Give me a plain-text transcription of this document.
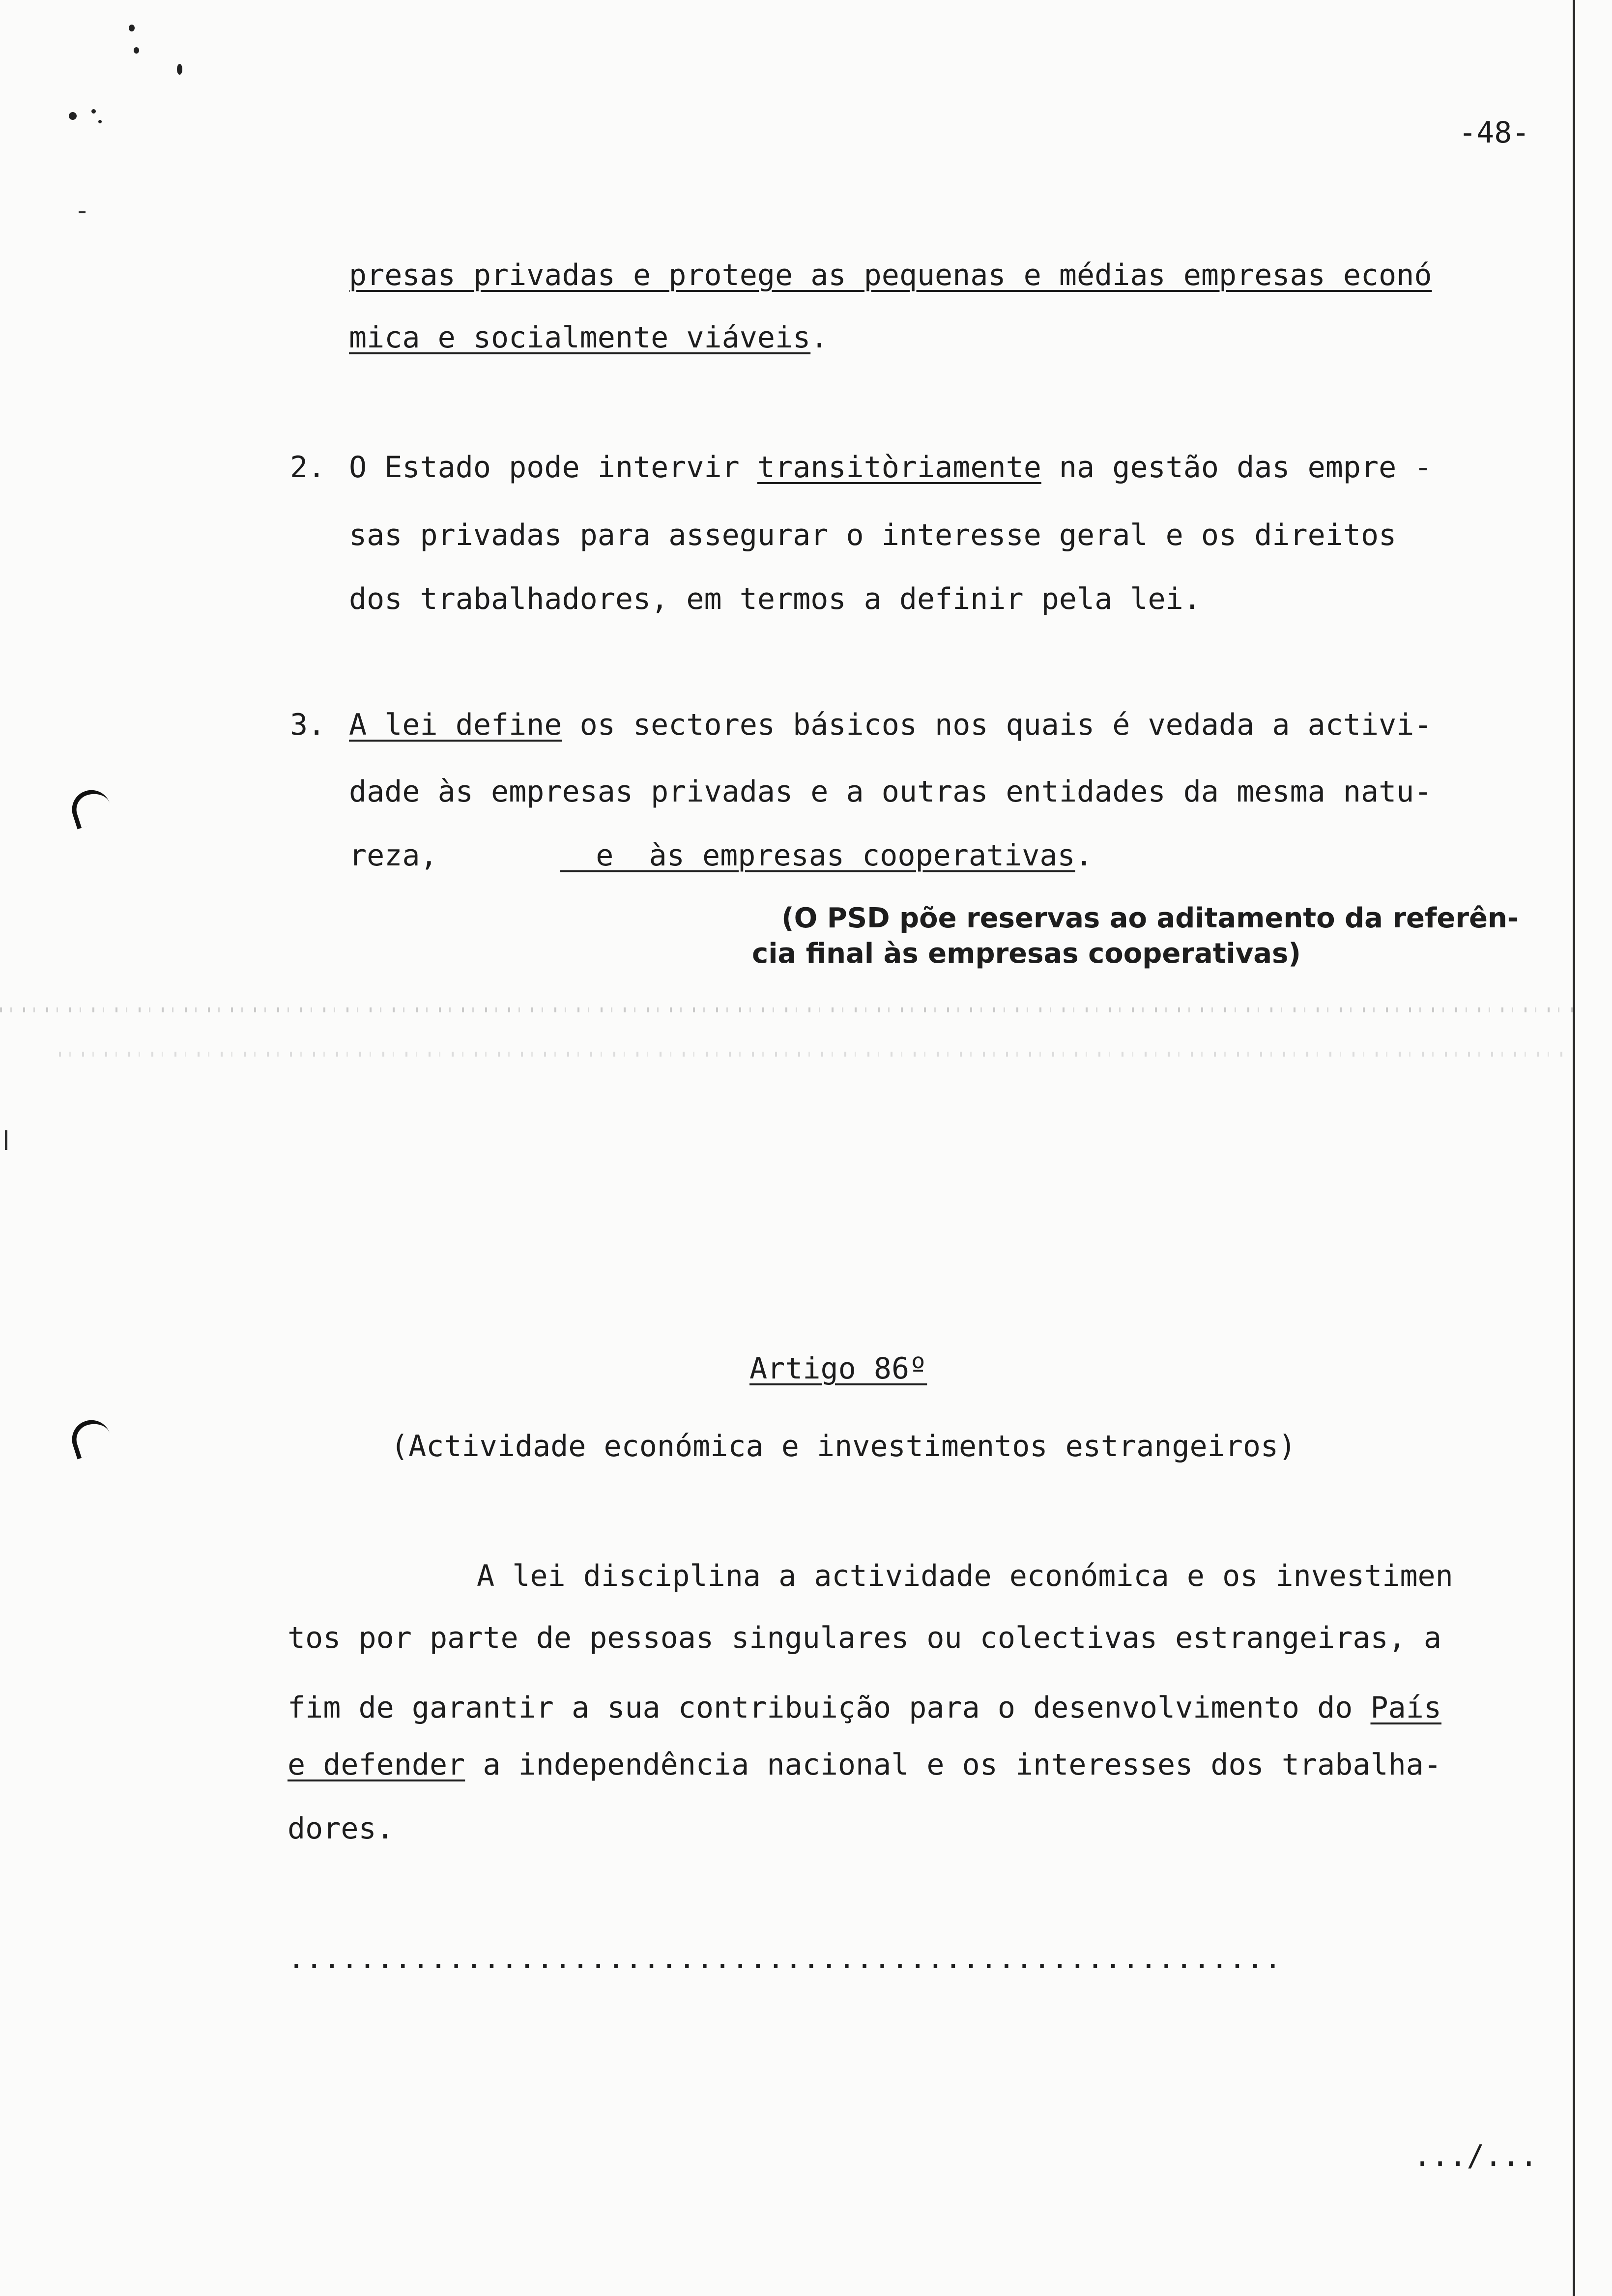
-48-
presas privadas e protege as pequenas e médias empresas econó
mica e socialmente viáveis.
2. O Estado pode intervir transitòriamente na gestão das empre -
sas privadas para assegurar o interesse geral e os direitos
dos trabalhadores, em termos a definir pela lei.
3. A lei define os sectores básicos nos quais é vedada a activi-
dade às empresas privadas e a outras entidades da mesma natu-
reza,	e  às empresas cooperativas.
(O PSD põe reservas ao aditamento da referên-
cia final às empresas cooperativas)
Artigo 86º
(Actividade económica e investimentos estrangeiros)
A lei disciplina a actividade económica e os investimen
tos por parte de pessoas singulares ou colectivas estrangeiras, a
fim de garantir a sua contribuição para o desenvolvimento do País
e defender a independência nacional e os interesses dos trabalha-
dores.
........................................................
.../...
